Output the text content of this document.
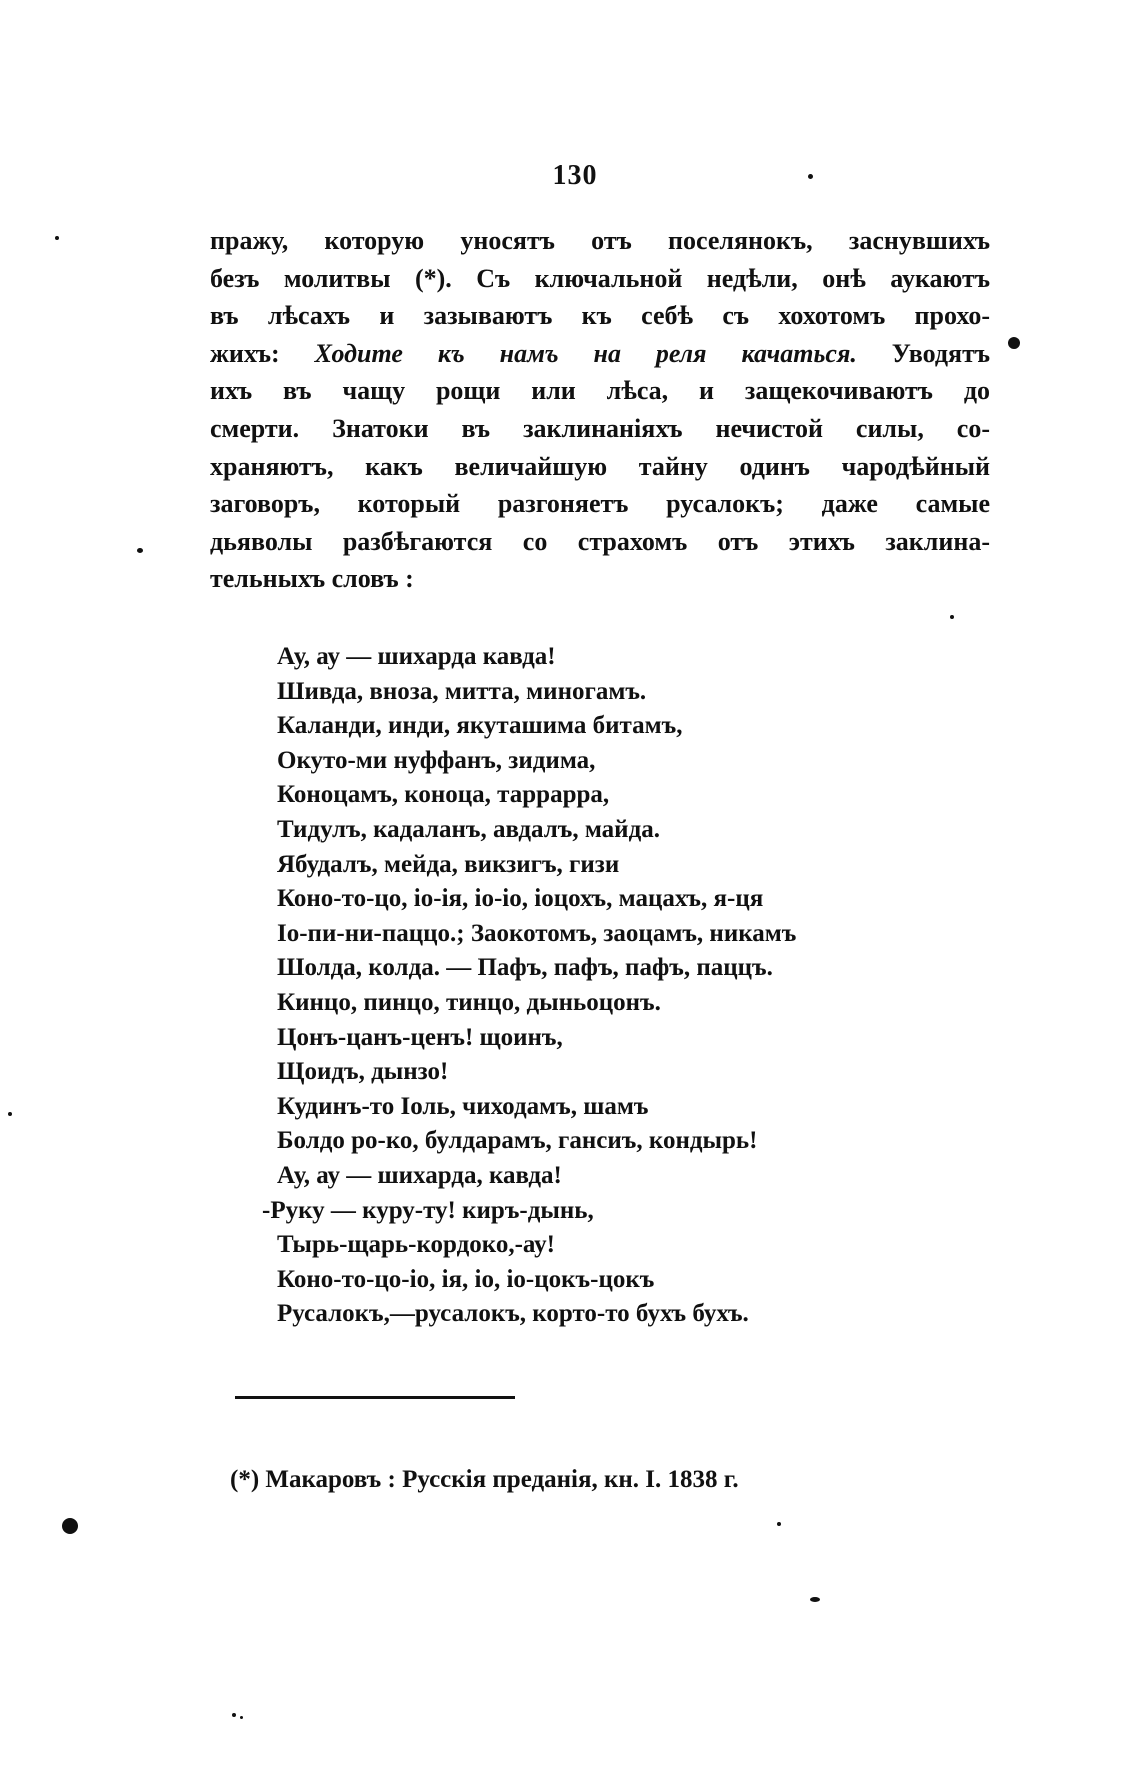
130
пражу, которую уносятъ отъ поселянокъ, заснувшихъ
безъ молитвы (*). Съ ключальной недѣли, онѣ аукаютъ
въ лѣсахъ и зазываютъ къ себѣ съ хохотомъ прохо-
жихъ: Ходите къ намъ на реля качаться. Уводятъ
ихъ въ чащу рощи или лѣса, и защекочиваютъ до
смерти. Знатоки въ заклинаніяхъ нечистой силы, со-
храняютъ, какъ величайшую тайну одинъ чародѣйный
заговоръ, который разгоняетъ русалокъ; даже самые
дьяволы разбѣгаются со страхомъ отъ этихъ заклина-
тельныхъ словъ :
Ау, ау — шихарда кавда!
Шивда, вноза, митта, миногамъ.
Каланди, инди, якуташима битамъ,
Окуто-ми нуффанъ, зидима,
Коноцамъ, коноца, тарраррa,
Тидулъ, кадаланъ, авдалъ, майда.
Ябудалъ, мейда, викзигъ, гизи
Коно-то-цо, іо-ія, іо-іо, іоцохъ, мацахъ, я-ця
Іо-пи-ни-паццо.; Заокотомъ, заоцамъ, никамъ
Шолда, колда. — Пафъ, пафъ, пафъ, паццъ.
Кинцо, пинцо, тинцо, дыньоцонъ.
Цонъ-цанъ-ценъ! щоинъ,
Щоидъ, дынзо!
Кудинъ-то Іоль, чиходамъ, шамъ
Болдо ро-ко, булдарамъ, гансиъ, кондырь!
Ау, ау — шихарда, кавда!
-Руку — куру-ту! киръ-дынь,
Тырь-щарь-кордоко,-ау!
Коно-то-цо-іо, ія, іо, іо-цокъ-цокъ
Русалокъ,—русалокъ, корто-то бухъ бухъ.
(*) Макаровъ : Русскія преданія, кн. I. 1838 г.
